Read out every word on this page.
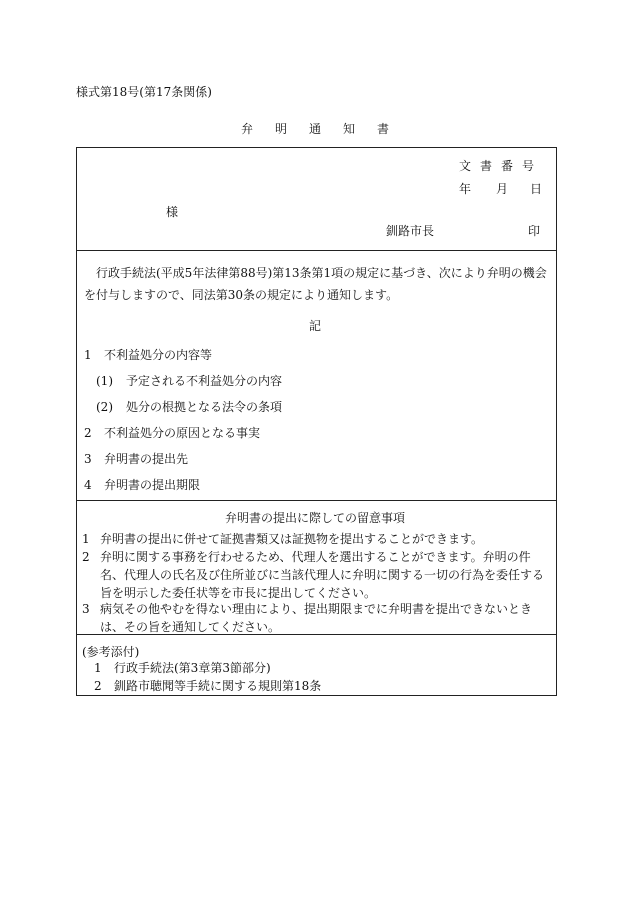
様式第18号(第17条関係)
弁明通知書
文書番号
年 月 日
様
釧路市長	印
行政手続法(平成5年法律第88号)第13条第1項の規定に基づき、次により弁明の機会を付与しますので、同法第30条の規定により通知します。
記
1 不利益処分の内容等
(1) 予定される不利益処分の内容
(2) 処分の根拠となる法令の条項
2 不利益処分の原因となる事実
3 弁明書の提出先
4 弁明書の提出期限
弁明書の提出に際しての留意事項
1 弁明書の提出に併せて証拠書類又は証拠物を提出することができます。
2 弁明に関する事務を行わせるため、代理人を選出することができます。弁明の件名、代理人の氏名及び住所並びに当該代理人に弁明に関する一切の行為を委任する旨を明示した委任状等を市長に提出してください。
3 病気その他やむを得ない理由により、提出期限までに弁明書を提出できないときは、その旨を通知してください。
(参考添付)
1 行政手続法(第3章第3節部分)
2 釧路市聴聞等手続に関する規則第18条
